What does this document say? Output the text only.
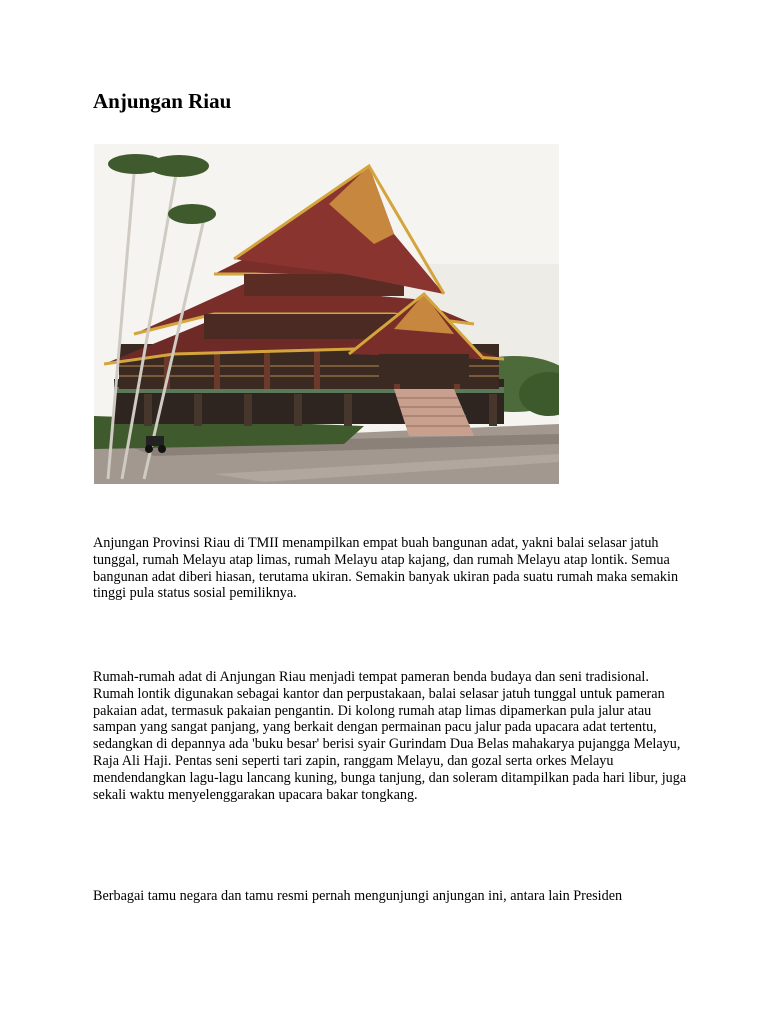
Anjungan Riau

Anjungan Provinsi Riau di TMII menampilkan empat buah bangunan adat, yakni balai selasar jatuh tunggal, rumah Melayu atap limas, rumah Melayu atap kajang, dan rumah Melayu atap lontik. Semua bangunan adat diberi hiasan, terutama ukiran. Semakin banyak ukiran pada suatu rumah maka semakin tinggi pula status sosial pemiliknya.

Rumah-rumah adat di Anjungan Riau menjadi tempat pameran benda budaya dan seni tradisional. Rumah lontik digunakan sebagai kantor dan perpustakaan, balai selasar jatuh tunggal untuk pameran pakaian adat, termasuk pakaian pengantin. Di kolong rumah atap limas dipamerkan pula jalur atau sampan yang sangat panjang, yang berkait dengan permainan pacu jalur pada upacara adat tertentu, sedangkan di depannya ada 'buku besar' berisi syair Gurindam Dua Belas mahakarya pujangga Melayu, Raja Ali Haji. Pentas seni seperti tari zapin, ranggam Melayu, dan gozal serta orkes Melayu mendendangkan lagu-lagu lancang kuning, bunga tanjung, dan soleram ditampilkan pada hari libur, juga sekali waktu menyelenggarakan upacara bakar tongkang.

Berbagai tamu negara dan tamu resmi pernah mengunjungi anjungan ini, antara lain Presiden
